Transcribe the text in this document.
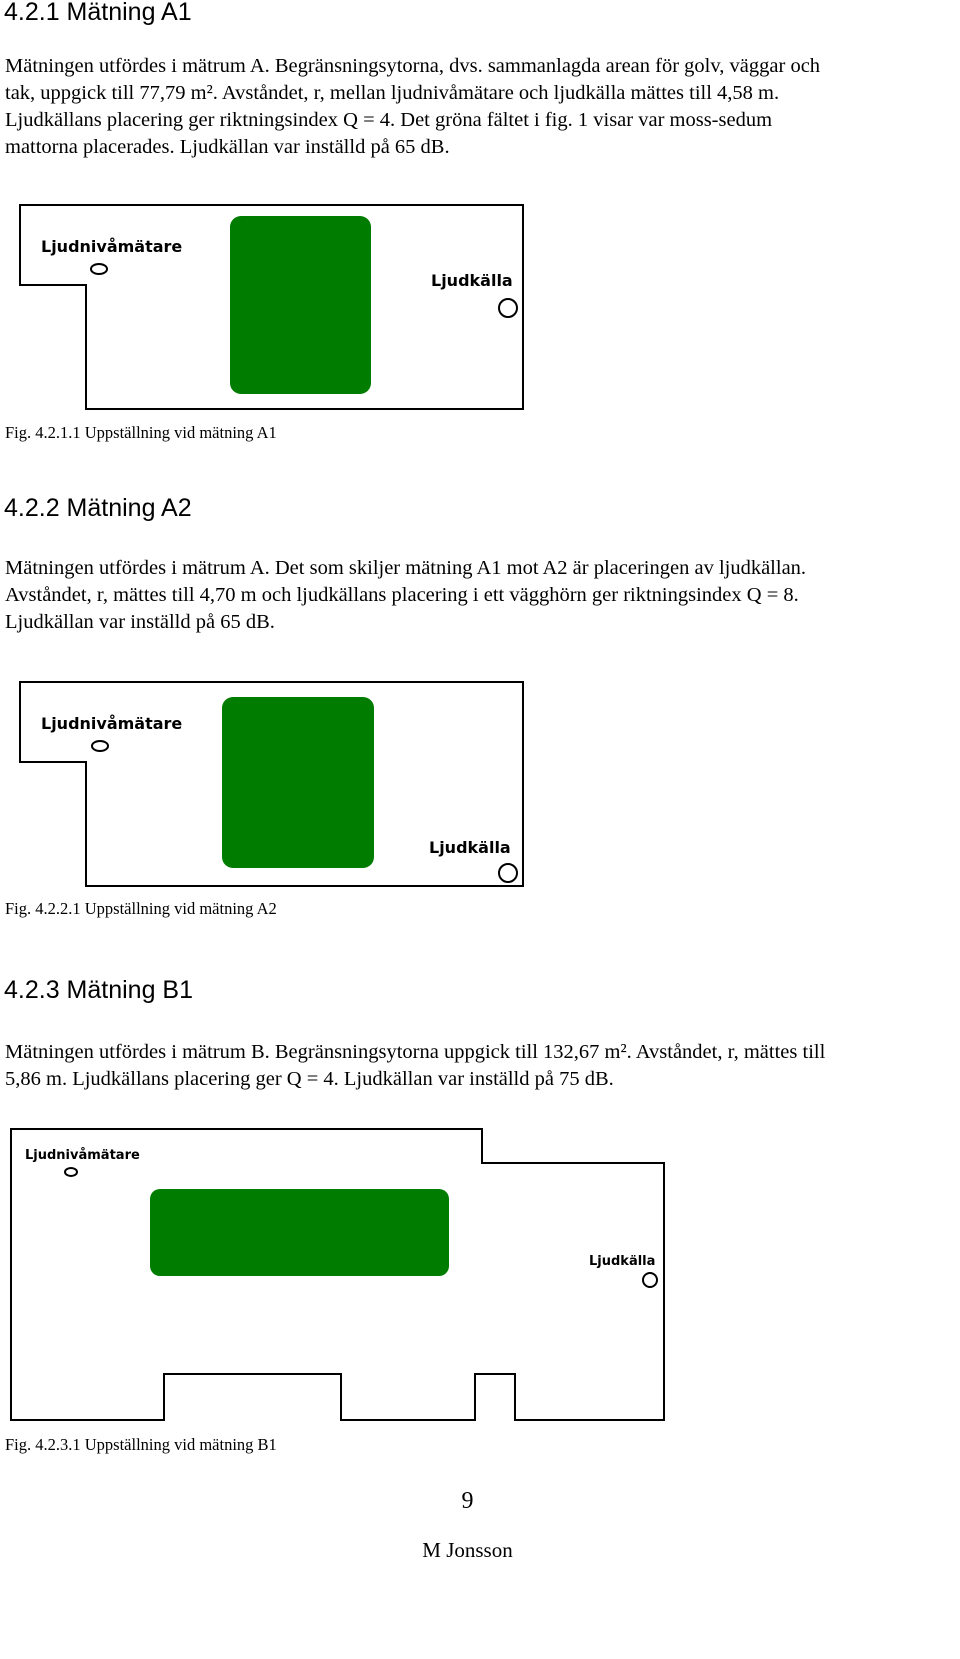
4.2.1 Mätning A1

Mätningen utfördes i mätrum A. Begränsningsytorna, dvs. sammanlagda arean för golv, väggar och

tak, uppgick till 77,79 m². Avståndet, r, mellan ljudnivåmätare och ljudkälla mättes till 4,58 m.

Ljudkällans placering ger riktningsindex Q = 4. Det gröna fältet i fig. 1 visar var moss-sedum

mattorna placerades. Ljudkällan var inställd på 65 dB.

Ljudnivåmätare
Ljudkälla

Fig. 4.2.1.1 Uppställning vid mätning A1

4.2.2 Mätning A2

Mätningen utfördes i mätrum A. Det som skiljer mätning A1 mot A2 är placeringen av ljudkällan.

Avståndet, r, mättes till 4,70 m och ljudkällans placering i ett vägghörn ger riktningsindex Q = 8.

Ljudkällan var inställd på 65 dB.

Ljudnivåmätare
Ljudkälla

Fig. 4.2.2.1 Uppställning vid mätning A2

4.2.3 Mätning B1

Mätningen utfördes i mätrum B. Begränsningsytorna uppgick till 132,67 m². Avståndet, r, mättes till

5,86 m. Ljudkällans placering ger Q = 4. Ljudkällan var inställd på 75 dB.

Ljudnivåmätare
Ljudkälla

Fig. 4.2.3.1 Uppställning vid mätning B1

9

M Jonsson
